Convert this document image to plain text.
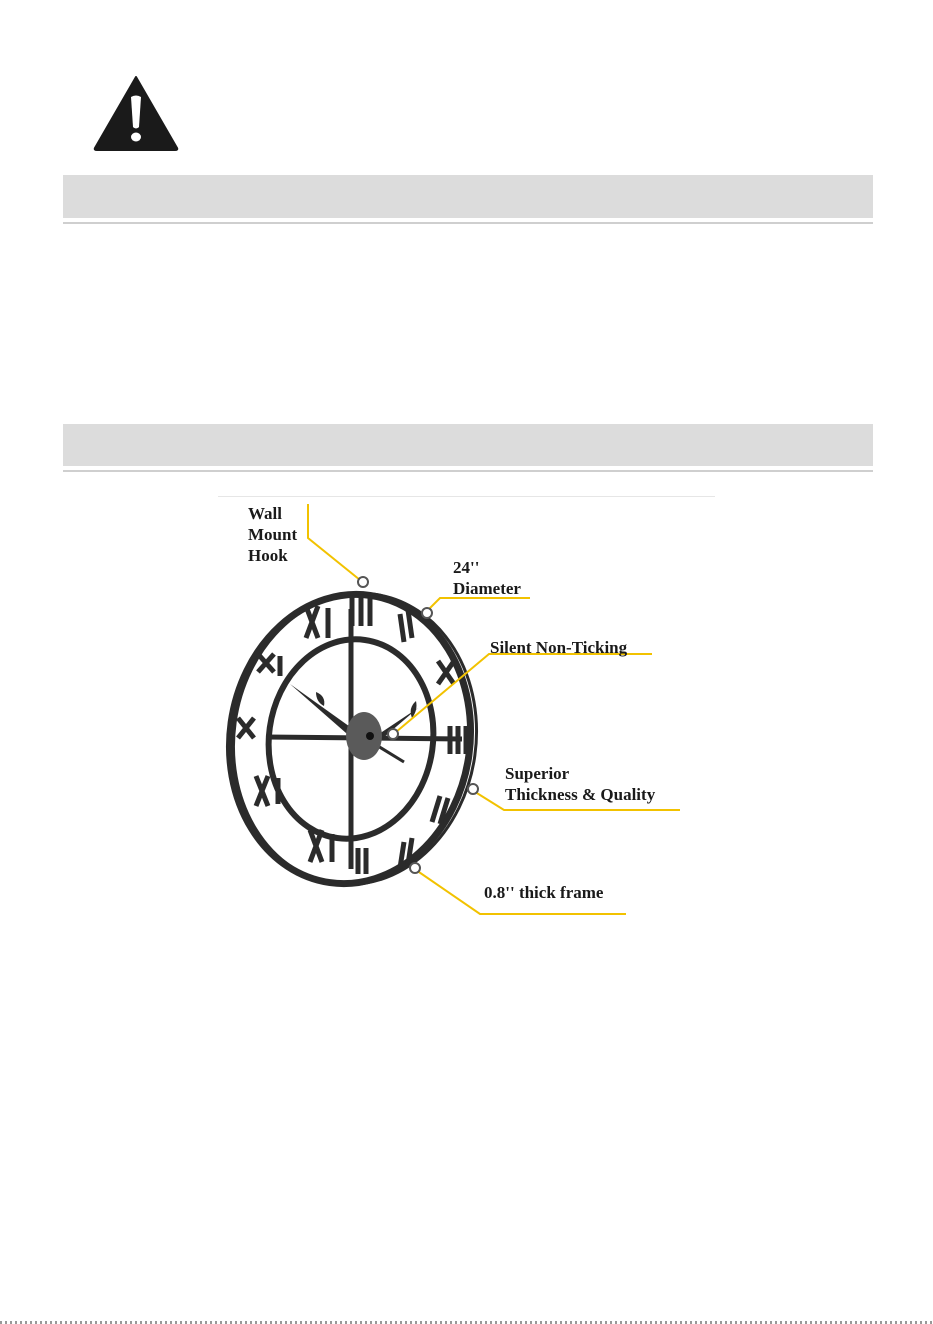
Wall
Mount
Hook
24''
Diameter
Silent Non-Ticking
Superior
Thickness & Quality
0.8'' thick frame
